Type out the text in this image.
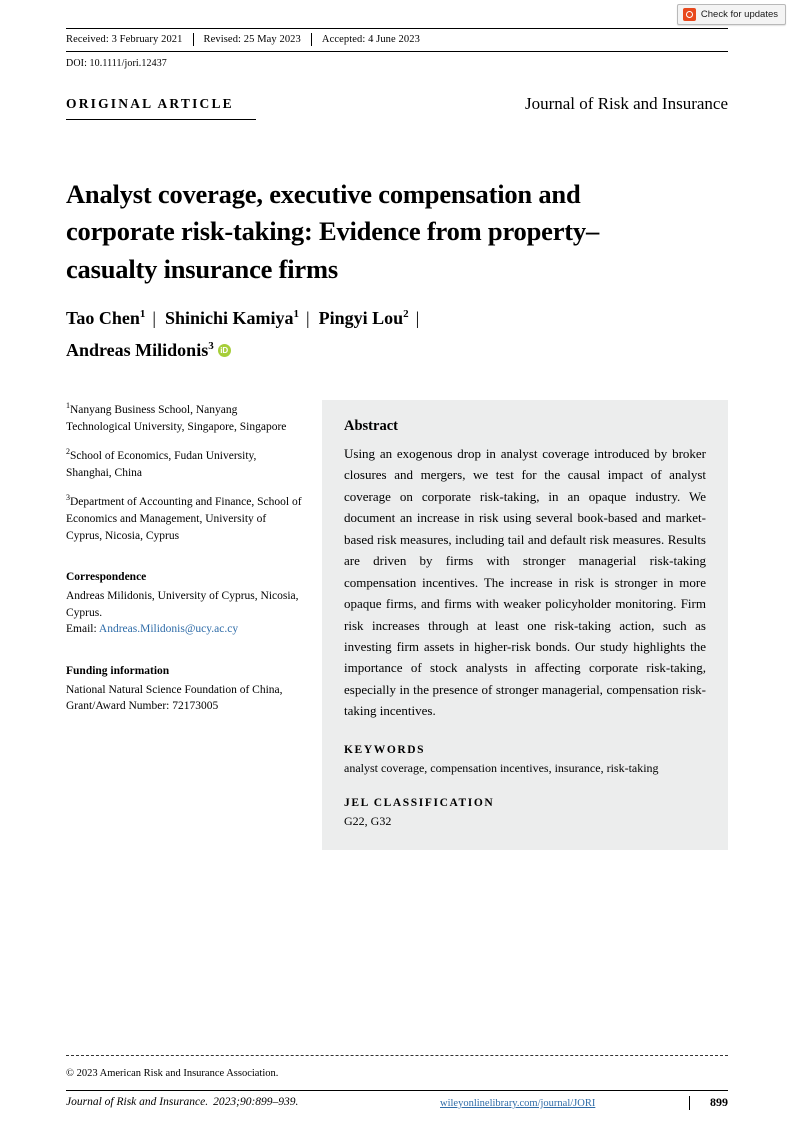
Check for updates
Received: 3 February 2021	Revised: 25 May 2023	Accepted: 4 June 2023
DOI: 10.1111/jori.12437
ORIGINAL ARTICLE	Journal of Risk and Insurance
Analyst coverage, executive compensation and corporate risk-taking: Evidence from property–casualty insurance firms
Tao Chen$^1$ | Shinichi Kamiya$^1$ | Pingyi Lou$^2$ |
Andreas Milidonis$^3$iD

$^1$Nanyang Business School, Nanyang Technological University, Singapore, Singapore

$^2$School of Economics, Fudan University, Shanghai, China

$^3$Department of Accounting and Finance, School of Economics and Management, University of Cyprus, Nicosia, Cyprus

Correspondence

Andreas Milidonis, University of Cyprus, Nicosia, Cyprus.
Email: Andreas.Milidonis@ucy.ac.cy

Funding information

National Natural Science Foundation of China, Grant/Award Number: 72173005

Abstract

Using an exogenous drop in analyst coverage introduced by broker closures and mergers, we test for the causal impact of analyst coverage on corporate risk-taking, in an opaque industry. We document an increase in risk using several book-based and market-based risk measures, including tail and default risk measures. Results are driven by firms with stronger managerial risk-taking compensation incentives. The increase in risk is stronger in more opaque firms, and firms with weaker policyholder monitoring. Firm risk increases through at least one risk-taking action, such as investing firm assets in higher-risk bonds. Our study highlights the importance of stock analysts in affecting corporate risk-taking, especially in the presence of stronger managerial, compensation risk-taking incentives.

KEYWORDS

analyst coverage, compensation incentives, insurance, risk-taking

JEL CLASSIFICATION

G22, G32

© 2023 American Risk and Insurance Association.
Journal of Risk and Insurance. 2023;90:899–939.	wileyonlinelibrary.com/journal/JORI	899
